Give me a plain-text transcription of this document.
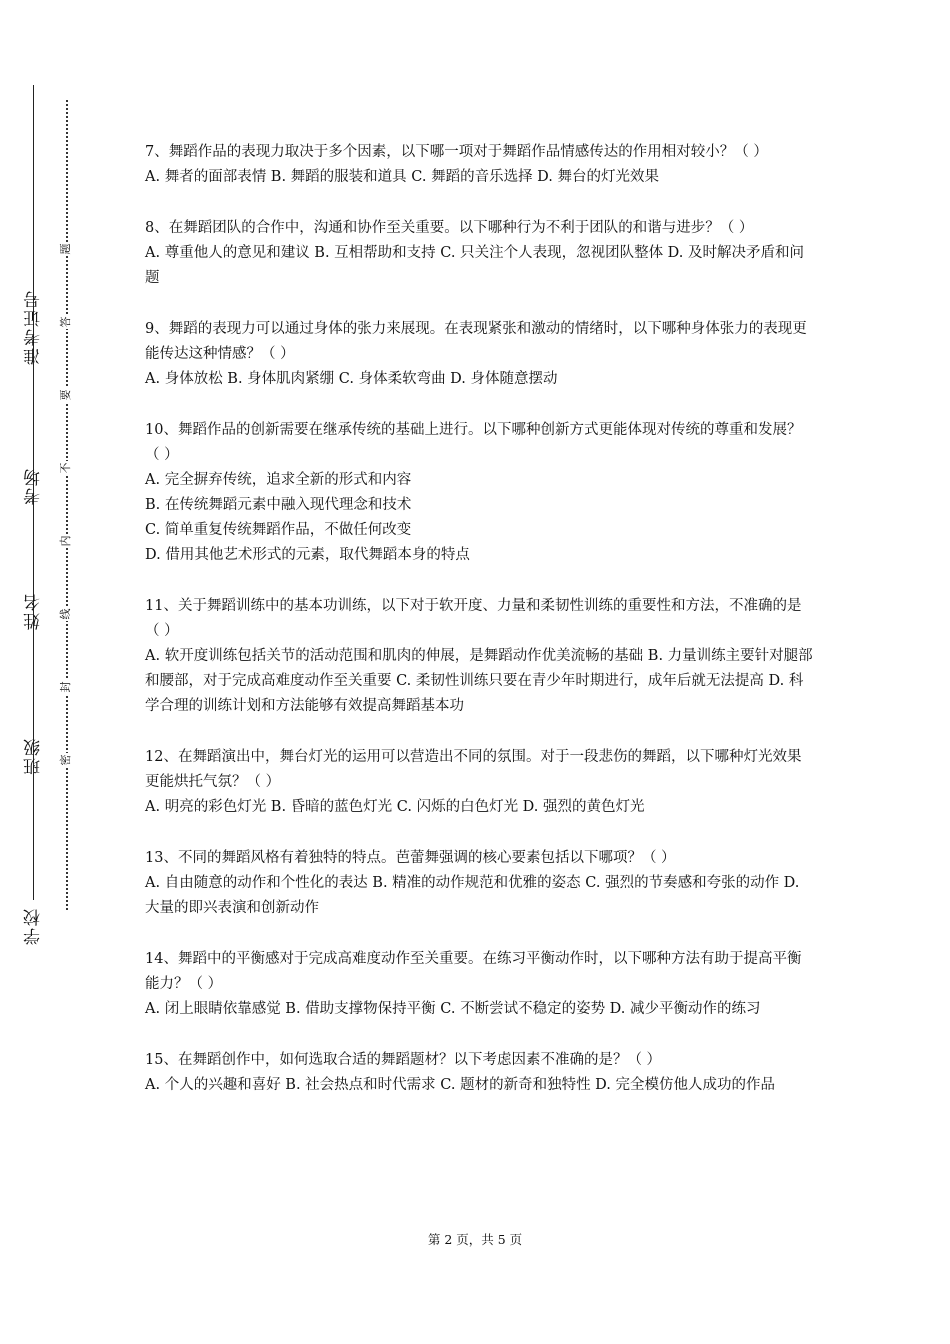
准考证号
考场
姓名
班级
学校
题
答
要
不
内
线
封
密

7、舞蹈作品的表现力取决于多个因素，以下哪一项对于舞蹈作品情感传达的作用相对较小？（ ）

A. 舞者的面部表情 B. 舞蹈的服装和道具 C. 舞蹈的音乐选择 D. 舞台的灯光效果

8、在舞蹈团队的合作中，沟通和协作至关重要。以下哪种行为不利于团队的和谐与进步？（ ）

A. 尊重他人的意见和建议 B. 互相帮助和支持 C. 只关注个人表现，忽视团队整体 D. 及时解决矛盾和问题

9、舞蹈的表现力可以通过身体的张力来展现。在表现紧张和激动的情绪时，以下哪种身体张力的表现更能传达这种情感？（ ）

A. 身体放松 B. 身体肌肉紧绷 C. 身体柔软弯曲 D. 身体随意摆动

10、舞蹈作品的创新需要在继承传统的基础上进行。以下哪种创新方式更能体现对传统的尊重和发展？（ ）

A. 完全摒弃传统，追求全新的形式和内容

B. 在传统舞蹈元素中融入现代理念和技术

C. 简单重复传统舞蹈作品，不做任何改变

D. 借用其他艺术形式的元素，取代舞蹈本身的特点

11、关于舞蹈训练中的基本功训练，以下对于软开度、力量和柔韧性训练的重要性和方法，不准确的是（ ）

A. 软开度训练包括关节的活动范围和肌肉的伸展，是舞蹈动作优美流畅的基础 B. 力量训练主要针对腿部和腰部，对于完成高难度动作至关重要 C. 柔韧性训练只要在青少年时期进行，成年后就无法提高 D. 科学合理的训练计划和方法能够有效提高舞蹈基本功

12、在舞蹈演出中，舞台灯光的运用可以营造出不同的氛围。对于一段悲伤的舞蹈，以下哪种灯光效果更能烘托气氛？（ ）

A. 明亮的彩色灯光 B. 昏暗的蓝色灯光 C. 闪烁的白色灯光 D. 强烈的黄色灯光

13、不同的舞蹈风格有着独特的特点。芭蕾舞强调的核心要素包括以下哪项？（ ）

A. 自由随意的动作和个性化的表达 B. 精准的动作规范和优雅的姿态 C. 强烈的节奏感和夸张的动作 D. 大量的即兴表演和创新动作

14、舞蹈中的平衡感对于完成高难度动作至关重要。在练习平衡动作时，以下哪种方法有助于提高平衡能力？（ ）

A. 闭上眼睛依靠感觉 B. 借助支撑物保持平衡 C. 不断尝试不稳定的姿势 D. 减少平衡动作的练习

15、在舞蹈创作中，如何选取合适的舞蹈题材？以下考虑因素不准确的是？（ ）

A. 个人的兴趣和喜好 B. 社会热点和时代需求 C. 题材的新奇和独特性 D. 完全模仿他人成功的作品

第 2 页，共 5 页
